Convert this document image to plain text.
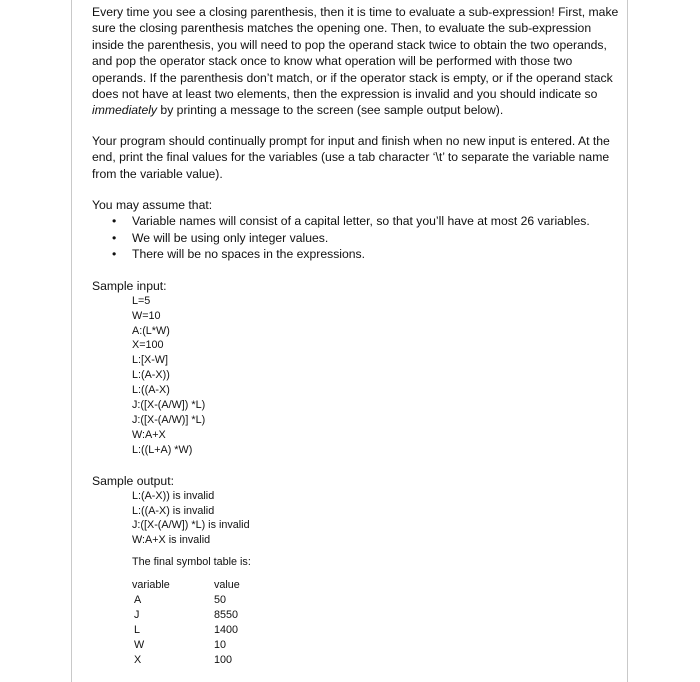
Every time you see a closing parenthesis, then it is time to evaluate a sub-expression! First, make sure the closing parenthesis matches the opening one. Then, to evaluate the sub-expression inside the parenthesis, you will need to pop the operand stack twice to obtain the two operands, and pop the operator stack once to know what operation will be performed with those two operands. If the parenthesis don’t match, or if the operator stack is empty, or if the operand stack does not have at least two elements, then the expression is invalid and you should indicate so immediately by printing a message to the screen (see sample output below).

Your program should continually prompt for input and finish when no new input is entered. At the end, print the final values for the variables (use a tab character ‘\t’ to separate the variable name from the variable value).

You may assume that:

• Variable names will consist of a capital letter, so that you’ll have at most 26 variables.
• We will be using only integer values.
• There will be no spaces in the expressions.

Sample input:

L=5
W=10
A:(L*W)
X=100
L:[X-W]
L:(A-X))
L:((A-X)
J:([X-(A/W]) *L)
J:([X-(A/W)] *L)
W:A+X
L:((L+A) *W)

Sample output:

L:(A-X)) is invalid
L:((A-X) is invalid
J:([X-(A/W]) *L) is invalid
W:A+X is invalid

The final symbol table is:

variable	value
A	50
J	8550
L	1400
W	10
X	100
